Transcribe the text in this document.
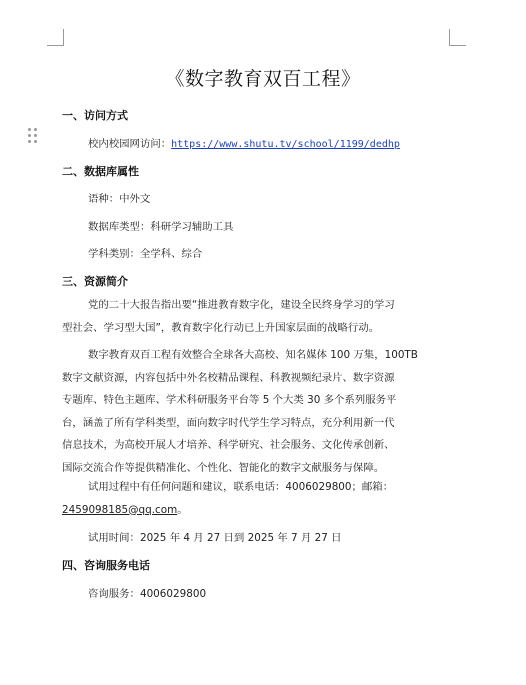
《数字教育双百工程》
一、访问方式
校内校园网访问：https://www.shutu.tv/school/1199/dedhp
二、数据库属性
语种：中外文
数据库类型：科研学习辅助工具
学科类别：全学科、综合
三、资源简介
党的二十大报告指出要“推进教育数字化，建设全民终身学习的学习
型社会、学习型大国”，教育数字化行动已上升国家层面的战略行动。
数字教育双百工程有效整合全球各大高校、知名媒体 100 万集，100TB
数字文献资源，内容包括中外名校精品课程、科教视频纪录片、数字资源
专题库、特色主题库、学术科研服务平台等 5 个大类 30 多个系列服务平
台，涵盖了所有学科类型，面向数字时代学生学习特点，充分利用新一代
信息技术，为高校开展人才培养、科学研究、社会服务、文化传承创新、
国际交流合作等提供精准化、个性化、智能化的数字文献服务与保障。
试用过程中有任何问题和建议，联系电话：4006029800；邮箱：
2459098185@qq.com。
试用时间：2025 年 4 月 27 日到 2025 年 7 月 27 日
四、咨询服务电话
咨询服务：4006029800
